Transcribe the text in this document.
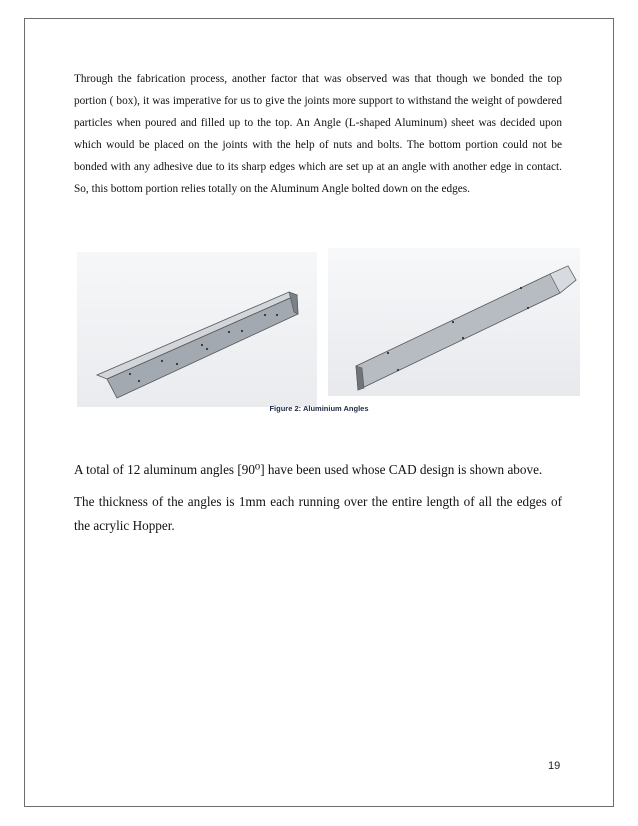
Through the fabrication process, another factor that was observed was that though we bonded the top portion ( box), it was imperative for us to give the joints more support to withstand the weight of powdered particles when poured and filled up to the top. An Angle (L-shaped Aluminum) sheet was decided upon which would be placed on the joints with the help of nuts and bolts. The bottom portion could not be bonded with any adhesive due to its sharp edges which are set up at an angle with another edge in contact. So, this bottom portion relies totally on the Aluminum Angle bolted down on the edges.

Figure 2: Aluminium Angles

A total of 12 aluminum angles [90⁰] have been used whose CAD design is shown above.

The thickness of the angles is 1mm each running over the entire length of all the edges of the acrylic Hopper.

19
